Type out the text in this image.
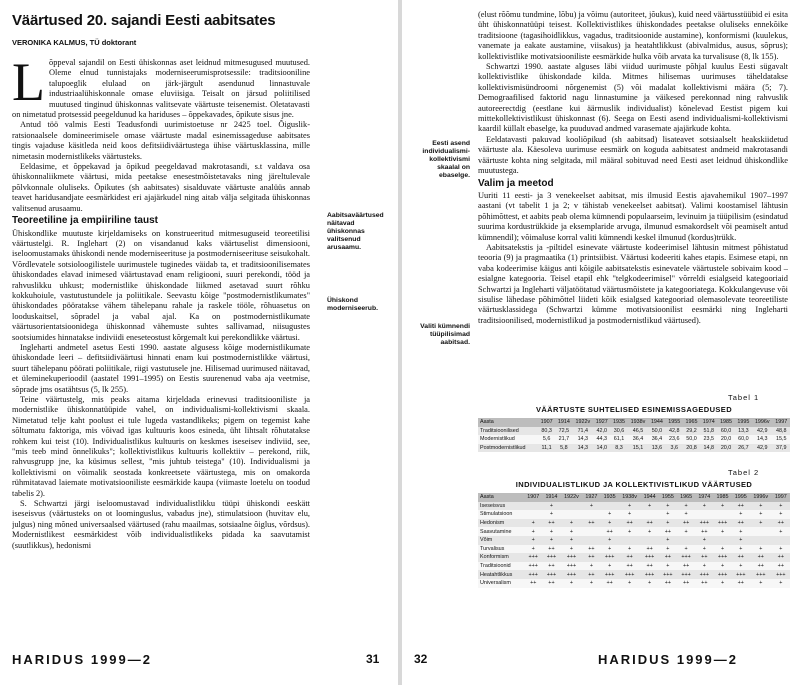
Väärtused 20. sajandi Eesti aabitsates
VERONIKA KALMUS, TÜ doktorant

Lõppeval sajandil on Eesti ühiskonnas aset leidnud mitmesugused muutused. Oleme elnud tunnistajaks moderniseerumisprotsessile: traditsiooniline talupoeglik elulaad on järk-järgult asendunud linnastuvale industriaalühiskonnale omase eluviisiga. Teisalt on järsud poliitilised muutused tinginud ühiskonnas valitsevate väärtuste teisenemist. Oletatavasti on nimetatud protsessid peegeldunud ka hariduses – õppekavades, õpikute sisus jne.

Antud töö valmis Eesti Teadusfondi uurimistoetuse nr 2425 toel. Õiguslik-ratsionaalsele domineerimisele omase väärtuste madal esinemissageduse aabitsates tingis vajaduse käsitleda neid koos defitsiidiväärtustega ühise väärtusklassina, mille nimetasin modernistlikeks väärtusteks.

Eeldasime, et õppekavad ja õpikud peegeldavad makrotasandi, s.t valdava osa ühiskonnaliikmete väärtusi, mida peetakse enesestmõistetavaks ning järeltulevale põlvkonnale oluliseks. Õpikutes (sh aabitsates) sisalduvate väärtuste analüüs annab teavet haridusandjate eesmärkidest eri ajajärkudel ning aitab välja selgitada ühiskonnas valitsenud arusaamu.

Teoreetiline ja empiiriline taust

Ühiskondlike muutuste kirjeldamiseks on konstrueeritud mitmesuguseid teoreetilisi väärtustelgi. R. Inglehart (2) on visandanud kaks väärtuselist dimensiooni, iseloomustamaks ühiskondi nende moderniseerituse ja postmoderniseerituse seisukohalt. Võrdlevatele sotsioloogilistele uurimustele tuginedes väidab ta, et traditsioonilisemates ühiskondades elavad inimesed väärtustavad enam religiooni, suuri perekondi, tööd ja rahvuslikku uhkust; modernistlike ühiskondade liikmed asetavad suurt rõhku kokkuhoiule, vastutustundele ja poliitikale. Seevastu kõige "postmodernistlikumates" ühiskondades pööratakse vähem tähelepanu rahale ja raskele tööle, rõhuasetus on looduskaitsel, sõpradel ja vabal ajal. Ka on postmodernistlikumate väärtusorientatsioonidega ühiskonnad vähemuste suhtes sallivamad, niisugustes sootsiumides hinnatakse indiviidi eneseteostust kõrgemalt kui perekondlikke väärtusi.

Ingleharti andmetel asetus Eesti 1990. aastate algusess kõige modernistlikumate ühiskondade leeri – defitsiidiväärtusi hinnati enam kui postmodernistlikke väärtusi, suurt tähelepanu pöörati poliitikale, riigi vastutusele jne. Hilisemad uurimused näitavad, et üleminekuperioodil (aastatel 1991–1995) on Eestis suurenenud vaba aja veetmise, sõprade jms osatähtsus (5, lk 255).

Teine väärtustelg, mis peaks aitama kirjeldada erinevusi traditsiooniliste ja modernistlike ühiskonnatüüpide vahel, on individualismi-kollektivismi skaala. Nimetatud telje kaht poolust ei tule lugeda vastandlikeks; pigem on tegemist kahe sõltumatu faktoriga, mis võivad igas kultuuris koos esineda, üht lihtsalt rõhutatakse rohkem kui teist (10). Individualistlikus kultuuris on keskmes iseseisev indiviid, see, "mis teeb mind õnnelikuks"; kollektivistlikus kultuuris kollektiiv – perekond, riik, rahvusgrupp jne, ka küsimus sellest, "mis juhtub teistega" (10). Individualismi ja kollektivismi on võimalik seostada konkreetsete väärtustega, mis on omakorda rühmitatavad laiemate motivatsiooniliste eesmärkide kaupa (viimaste loetelu on toodud tabelis 2).

S. Schwartzi järgi iseloomustavad individualistlikku tüüpi ühiskondi eeskätt iseseisvus (väärtusteks on ot loominguslus, vabadus jne), stimulatsioon (huvitav elu, julgus) ning mõned universaalsed väärtused (rahu maailmas, sotsiaalne õiglus, võrdsus). Modernistlikest eesmärkidest võib individualistlikeks pidada ka saavutamist (suutlikkus), hedonismi

Aabitsaväärtused näitavad ühiskonnas valitsenud arusaamu.
Ühiskond moderniseerub.
HARIDUS 1999—2	31
Eesti asend individualismi-kollektivismi skaalal on ebaselge.
Valiti kümnendi tüüpilisimad aabitsad.

(elust rõõmu tundmine, lõbu) ja võimu (autoriteet, jõukus), kuid need väärtusstüübid ei esita üht ühiskonnatüüpi teisest. Kollektivistlikes ühiskondades peetakse oluliseks ennekõike traditsioone (tagasihoidlikkus, vagadus, traditsioonide austamine), konformismi (kuulekus, vanemate ja eakate austamine, viisakus) ja heatahtlikkust (abivalmidus, ausus, sõprus); kollektivistlike motivatsiooniliste eesmärkide hulka võib arvata ka turvalisuse (8, lk 155).

Schwartzi 1990. aastate alguses läbi viidud uurimuste põhjal kuulus Eesti sügavalt kollektivistlike ühiskondade kilda. Mitmes hilisemas uurimuses täheldatakse kollektivismisündroomi nõrgenemist (5) või madalat kollektivismi määra (5; 7). Demograafilised faktorid nagu linnastumine ja väikesed perekonnad ning rahvuslik autoreerectdig (eestlane kui äärmuslik individualist) kõnelevad Eestist pigem kui mittekollektivistlikust ühiskonnast (6). Seega on Eesti asend individualismi-kollektivismi kaardil küllalt ebaselge, ka puuduvad andmed varasemate ajajärkude kohta.

Eeldatavasti pakuvad kooliõpikud (sh aabitsad) lisateavet sotsiaalselt heakskiidetud väärtuste ala. Käesoleva uurimuse eesmärk on koguda aabitsatest andmeid makrotasandi väärtuste kohta ning selgitada, mil määral sobituvad need Eesti aset leidnud ühiskondlike muutustega.

Valim ja meetod

Uuriti 11 eesti- ja 3 venekeelset aabitsat, mis ilmusid Eestis ajavahemikul 1907–1997 aastani (vt tabelit 1 ja 2; v tähistab venekeelset aabitsat). Valimi koostamisel lähtusin põhimõttest, et aabits peab olema kümnendi populaarseim, levinuim ja tüüpilisim (esindatud suurima kordustrükkide ja eksemplaride arvuga, ilmunud esmakordselt või peamiselt antud kümnendil); võimaluse korral valiti kümnendi keskel ilmunud (kordus)trükk.

Aabitsatekstis ja -piltidel esinevate väärtuste kodeerimisel lähtusin mitmest põhistatud teooria (9) ja pragmaatika (1) printsiibist. Väärtusi kodeeriti kahes etapis. Esimese etapi, nn vaba kodeerimise käigus anti kõigile aabitsatekstis esinevatele väärtustele sobivaim kood – esialgne kategooria. Teisel etapil ehk "telgkodeerimisel" võrreldi esialgseid kategooriaid Schwartzi ja Ingleharti väljatöötatud väärtusmõistete ja kategooriatega. Kokkulangevuse või sisulise lähedase põhimõttel liideti kõik esialgsed kategooriad olemasolevate teoreetiliste väärtusklassidega (Schwartzi kümme motivatsioonilist eesmärki ning Ingleharti traditsioonilised, modernistlikud ja postmodernistlikud väärtused).

Tabel 1
VÄÄRTUSTE SUHTELISED ESINEMISSAGEDUSED
Aasta	1907	1914	1922v	1927	1935	1938v	1944	1955	1965	1974	1985	1995	1996v	1997
Traditsioonilised	80,3	72,5	71,4	42,0	30,6	46,5	50,0	42,8	29,2	51,8	60,0	13,3	42,9	48,8
Modernistlikud	5,6	21,7	14,3	44,3	61,1	36,4	36,4	23,6	50,0	23,5	20,0	60,0	14,3	15,5
Postmodernistlikud	11,1	5,8	14,3	14,0	8,3	15,1	13,6	3,6	20,8	14,8	20,0	26,7	42,9	37,9
Tabel 2
INDIVIDUALISTLIKUD JA KOLLEKTIVISTLIKUD VÄÄRTUSED
Aasta	1907	1914	1922v	1927	1935	1938v	1944	1955	1965	1974	1985	1995	1996v	1997
Iseseisvus		+		+		+	+	+	+	+	+	++	+	+
Stimulatsioon		+			+	+		+	+			+	+	+
Hedonism	+	++	+	++	+	++	++	+	++	+++	+++	++	+	++
Saavutamine	+	+	+		++	+	+	++	+	++	+	+		+
Võim	+	+	+		+			+		+		+		
Turvalisus	+	++	+	++	+	+	++	+	+	+	+	+	+	+
Konformism	+++	+++	+++	++	+++	++	+++	++	+++	++	+++	++	++	++
Traditsioonid	+++	++	+++	+	+	++	++	+	++	+	+	+	++	++
Heatahtlikkus	+++	+++	+++	++	+++	+++	+++	+++	+++	+++	+++	+++	+++	+++
Universalism	++	++	+	+	++	+	+	++	++	++	+	++	+	+
32	HARIDUS 1999—2
